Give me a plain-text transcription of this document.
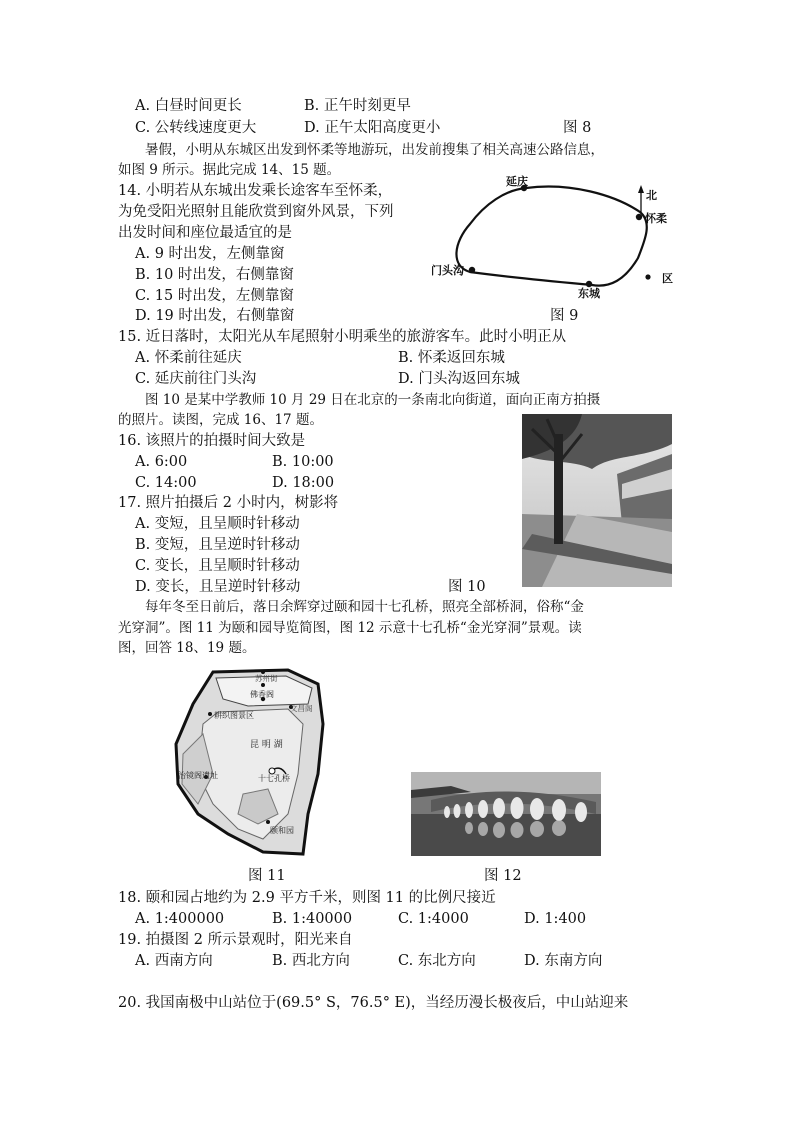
A. 白昼时间更长	B. 正午时刻更早
C. 公转线速度更大	D. 正午太阳高度更小	图 8
暑假，小明从东城区出发到怀柔等地游玩，出发前搜集了相关高速公路信息，
如图 9 所示。据此完成 14、15 题。
14. 小明若从东城出发乘长途客车至怀柔，
为免受阳光照射且能欣赏到窗外风景，下列
出发时间和座位最适宜的是
A. 9 时出发，左侧靠窗
B. 10 时出发，右侧靠窗
C. 15 时出发，左侧靠窗
D. 19 时出发，右侧靠窗
延庆
怀柔
门头沟
东城
北
区
图 9
15. 近日落时，太阳光从车尾照射小明乘坐的旅游客车。此时小明正从
A. 怀柔前往延庆	B. 怀柔返回东城
C. 延庆前往门头沟	D. 门头沟返回东城
图 10 是某中学教师 10 月 29 日在北京的一条南北向街道，面向正南方拍摄
的照片。读图，完成 16、17 题。
16. 该照片的拍摄时间大致是
A. 6:00	B. 10:00
C. 14:00	D. 18:00
17. 照片拍摄后 2 小时内，树影将
A. 变短，且呈顺时针移动
B. 变短，且呈逆时针移动
C. 变长，且呈顺时针移动
D. 变长，且呈逆时针移动	图 10
每年冬至日前后，落日余辉穿过颐和园十七孔桥，照亮全部桥洞，俗称“金
光穿洞”。图 11 为颐和园导览简图，图 12 示意十七孔桥“金光穿洞”景观。读
图，回答 18、19 题。
苏州街
佛香阁
文昌阁
耕织图景区
昆 明 湖
治镜阁遗址	十七孔桥
颐和园
图 11	图 12
18. 颐和园占地约为 2.9 平方千米，则图 11 的比例尺接近
A. 1:400000	B. 1:40000	C. 1:4000	D. 1:400
19. 拍摄图 2 所示景观时，阳光来自
A. 西南方向	B. 西北方向	C. 东北方向	D. 东南方向
20. 我国南极中山站位于(69.5° S，76.5° E)，当经历漫长极夜后，中山站迎来
